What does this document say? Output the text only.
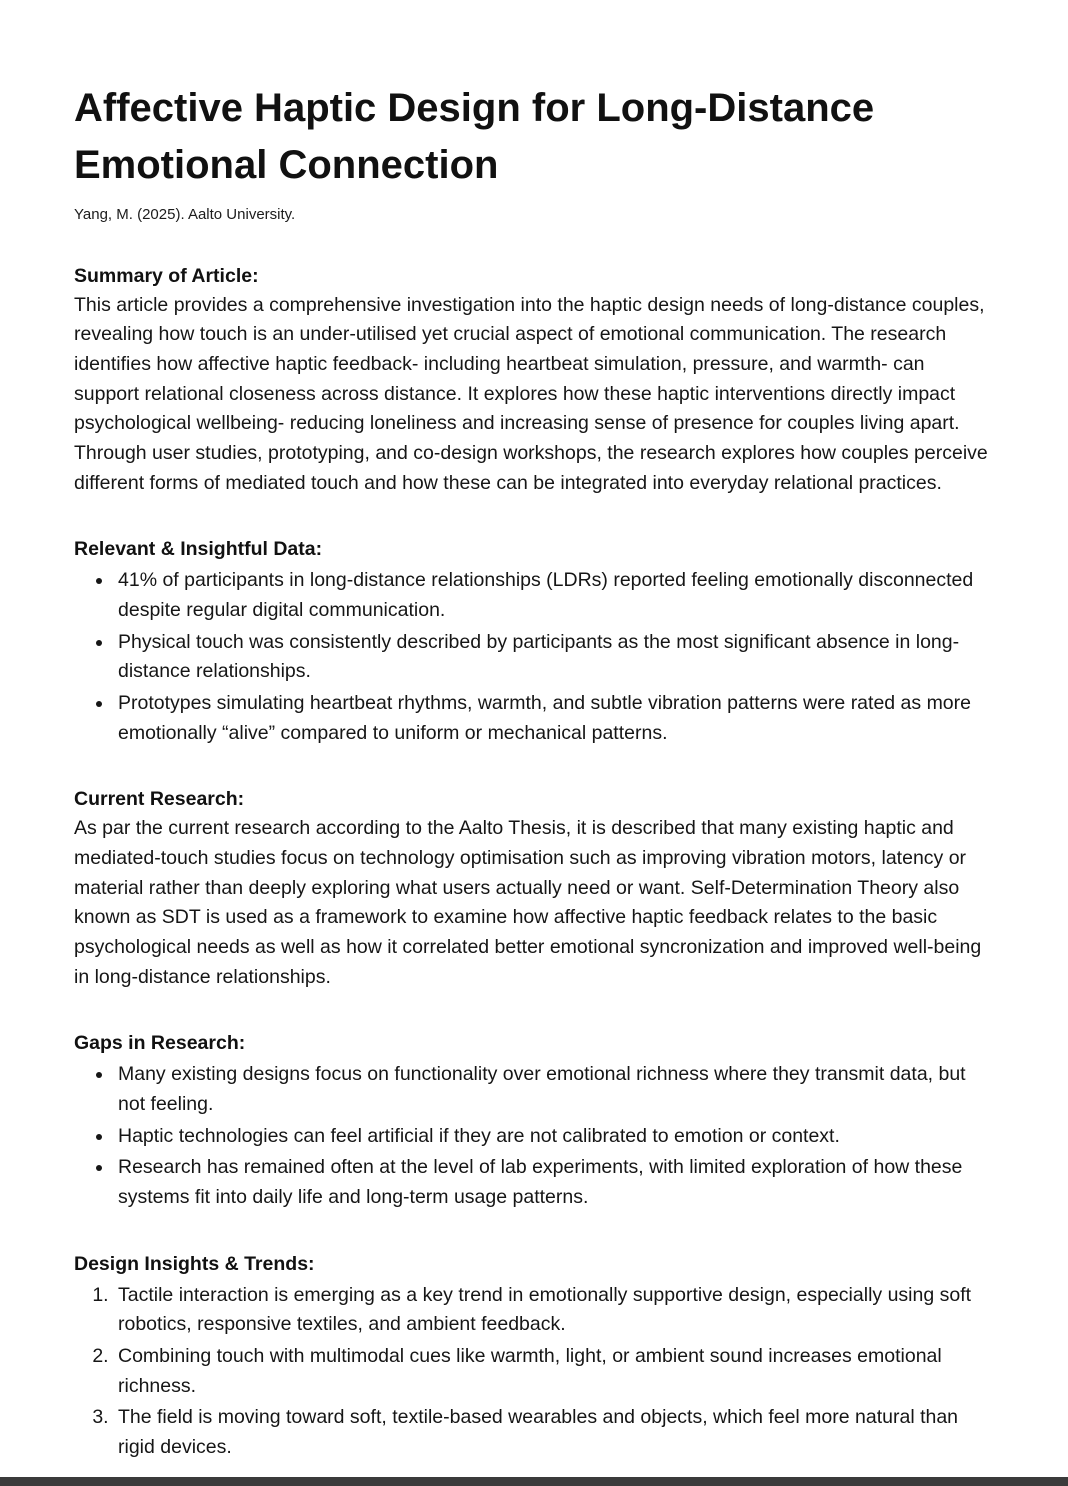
Affective Haptic Design for Long-Distance Emotional Connection
Yang, M. (2025). Aalto University.
Summary of Article:

This article provides a comprehensive investigation into the haptic design needs of long-distance couples, revealing how touch is an under-utilised yet crucial aspect of emotional communication. The research identifies how affective haptic feedback- including heartbeat simulation, pressure, and warmth- can support relational closeness across distance. It explores how these haptic interventions directly impact psychological wellbeing- reducing loneliness and increasing sense of presence for couples living apart. Through user studies, prototyping, and co-design workshops, the research explores how couples perceive different forms of mediated touch and how these can be integrated into everyday relational practices.

Relevant & Insightful Data:
• 41% of participants in long-distance relationships (LDRs) reported feeling emotionally disconnected despite regular digital communication.
• Physical touch was consistently described by participants as the most significant absence in long-distance relationships.
• Prototypes simulating heartbeat rhythms, warmth, and subtle vibration patterns were rated as more emotionally “alive” compared to uniform or mechanical patterns.
Current Research:

As par the current research according to the Aalto Thesis, it is described that many existing haptic and mediated-touch studies focus on technology optimisation such as improving vibration motors, latency or material rather than deeply exploring what users actually need or want. Self-Determination Theory also known as SDT is used as a framework to examine how affective haptic feedback relates to the basic psychological needs as well as how it correlated better emotional syncronization and improved well-being in long-distance relationships.

Gaps in Research:
• Many existing designs focus on functionality over emotional richness where they transmit data, but not feeling.
• Haptic technologies can feel artificial if they are not calibrated to emotion or context.
• Research has remained often at the level of lab experiments, with limited exploration of how these systems fit into daily life and long-term usage patterns.
Design Insights & Trends:
1. Tactile interaction is emerging as a key trend in emotionally supportive design, especially using soft robotics, responsive textiles, and ambient feedback.
2. Combining touch with multimodal cues like warmth, light, or ambient sound increases emotional richness.
3. The field is moving toward soft, textile-based wearables and objects, which feel more natural than rigid devices.
